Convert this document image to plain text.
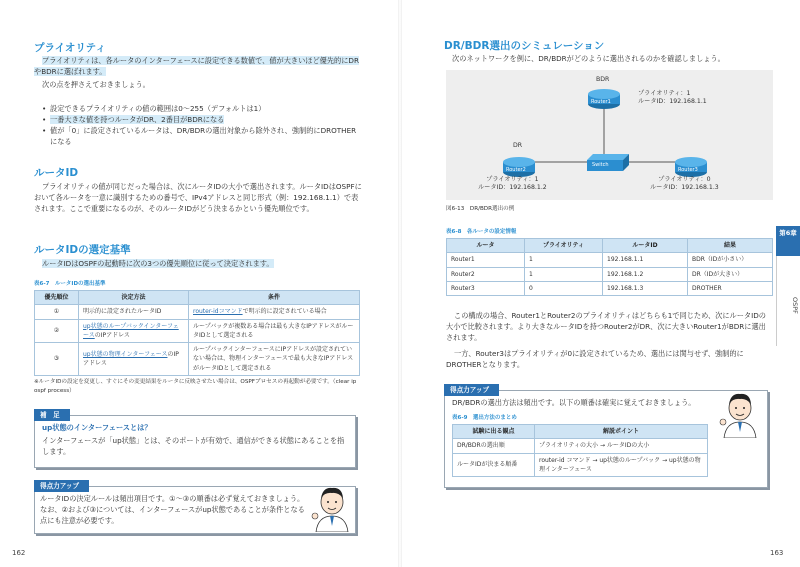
プライオリティ
プライオリティは、各ルータのインターフェースに設定できる数値で、値が大きいほど優先的にDRやBDRに選ばれます。
次の点を押さえておきましょう。
• 設定できるプライオリティの値の範囲は0～255（デフォルトは1）
• 一番大きな値を持つルータがDR、2番目がBDRになる
• 値が「0」に設定されているルータは、DR/BDRの選出対象から除外され、強制的にDROTHERになる
ルータID
プライオリティの値が同じだった場合は、次にルータIDの大小で選出されます。ルータIDはOSPFにおいて各ルータを一意に識別するための番号で、IPv4アドレスと同じ形式（例：192.168.1.1）で表されます。ここで重要になるのが、そのルータIDがどう決まるかという優先順位です。
ルータIDの選定基準
ルータIDはOSPFの起動時に次の3つの優先順位に従って決定されます。
表6-7　ルータIDの選出基準
優先順位	決定方法	条件
①	明示的に設定されたルータID	router-idコマンドで明示的に設定されている場合
②	up状態のループバックインターフェースのIPアドレス	ループバックが複数ある場合は最も大きなIPアドレスがルータIDとして選定される
③	up状態の物理インターフェースのIPアドレス	ループバックインターフェースにIPアドレスが設定されていない場合は、物理インターフェースで最も大きなIPアドレスがルータIDとして選定される
※ルータIDの設定を変更し、すぐにその変更結果をルータに反映させたい場合は、OSPFプロセスの再起動が必要です。（clear ip ospf process）
補　足
up状態のインターフェースとは？
インターフェースが「up状態」とは、そのポートが有効で、通信ができる状態にあることを指します。
得点力アップ
ルータIDの決定ルールは頻出項目です。①～③の順番は必ず覚えておきましょう。なお、②および③については、インターフェースがup状態であることが条件となる点にも注意が必要です。
162
DR/BDR選出のシミュレーション
次のネットワークを例に、DR/BDRがどのように選出されるのかを確認しましょう。
BDR
DR
Router1
Router2	Router3
Switch
プライオリティ：1
ルータID：192.168.1.1
プライオリティ：1
ルータID：192.168.1.2
プライオリティ：0
ルータID：192.168.1.3
図6-13　DR/BDR選出の例
表6-8　各ルータの設定情報
ルータ	プライオリティ	ルータID	結果
Router1	1	192.168.1.1	BDR（IDが小さい）
Router2	1	192.168.1.2	DR（IDが大きい）
Router3	0	192.168.1.3	DROTHER
この構成の場合、Router1とRouter2のプライオリティはどちらも1で同じため、次にルータIDの大小で比較されます。より大きなルータIDを持つRouter2がDR、次に大きいRouter1がBDRに選出されます。
一方、Router3はプライオリティが0に設定されているため、選出には関与せず、強制的にDROTHERとなります。
得点力アップ
DR/BDRの選出方法は頻出です。以下の順番は確実に覚えておきましょう。
表6-9　選出方法のまとめ
試験に出る観点	解説ポイント
DR/BDRの選出順	プライオリティの大小 → ルータIDの大小
ルータIDが決まる順番	router-id コマンド → up状態のループバック → up状態の物理インターフェース
第6章
OSPF
163
